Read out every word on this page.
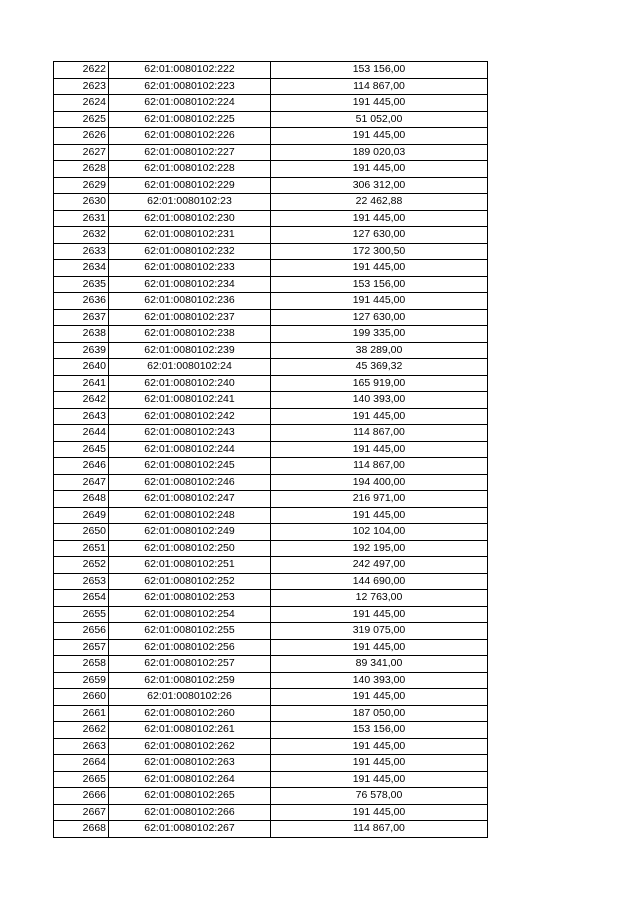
2622	62:01:0080102:222	153 156,00
2623	62:01:0080102:223	114 867,00
2624	62:01:0080102:224	191 445,00
2625	62:01:0080102:225	51 052,00
2626	62:01:0080102:226	191 445,00
2627	62:01:0080102:227	189 020,03
2628	62:01:0080102:228	191 445,00
2629	62:01:0080102:229	306 312,00
2630	62:01:0080102:23	22 462,88
2631	62:01:0080102:230	191 445,00
2632	62:01:0080102:231	127 630,00
2633	62:01:0080102:232	172 300,50
2634	62:01:0080102:233	191 445,00
2635	62:01:0080102:234	153 156,00
2636	62:01:0080102:236	191 445,00
2637	62:01:0080102:237	127 630,00
2638	62:01:0080102:238	199 335,00
2639	62:01:0080102:239	38 289,00
2640	62:01:0080102:24	45 369,32
2641	62:01:0080102:240	165 919,00
2642	62:01:0080102:241	140 393,00
2643	62:01:0080102:242	191 445,00
2644	62:01:0080102:243	114 867,00
2645	62:01:0080102:244	191 445,00
2646	62:01:0080102:245	114 867,00
2647	62:01:0080102:246	194 400,00
2648	62:01:0080102:247	216 971,00
2649	62:01:0080102:248	191 445,00
2650	62:01:0080102:249	102 104,00
2651	62:01:0080102:250	192 195,00
2652	62:01:0080102:251	242 497,00
2653	62:01:0080102:252	144 690,00
2654	62:01:0080102:253	12 763,00
2655	62:01:0080102:254	191 445,00
2656	62:01:0080102:255	319 075,00
2657	62:01:0080102:256	191 445,00
2658	62:01:0080102:257	89 341,00
2659	62:01:0080102:259	140 393,00
2660	62:01:0080102:26	191 445,00
2661	62:01:0080102:260	187 050,00
2662	62:01:0080102:261	153 156,00
2663	62:01:0080102:262	191 445,00
2664	62:01:0080102:263	191 445,00
2665	62:01:0080102:264	191 445,00
2666	62:01:0080102:265	76 578,00
2667	62:01:0080102:266	191 445,00
2668	62:01:0080102:267	114 867,00
